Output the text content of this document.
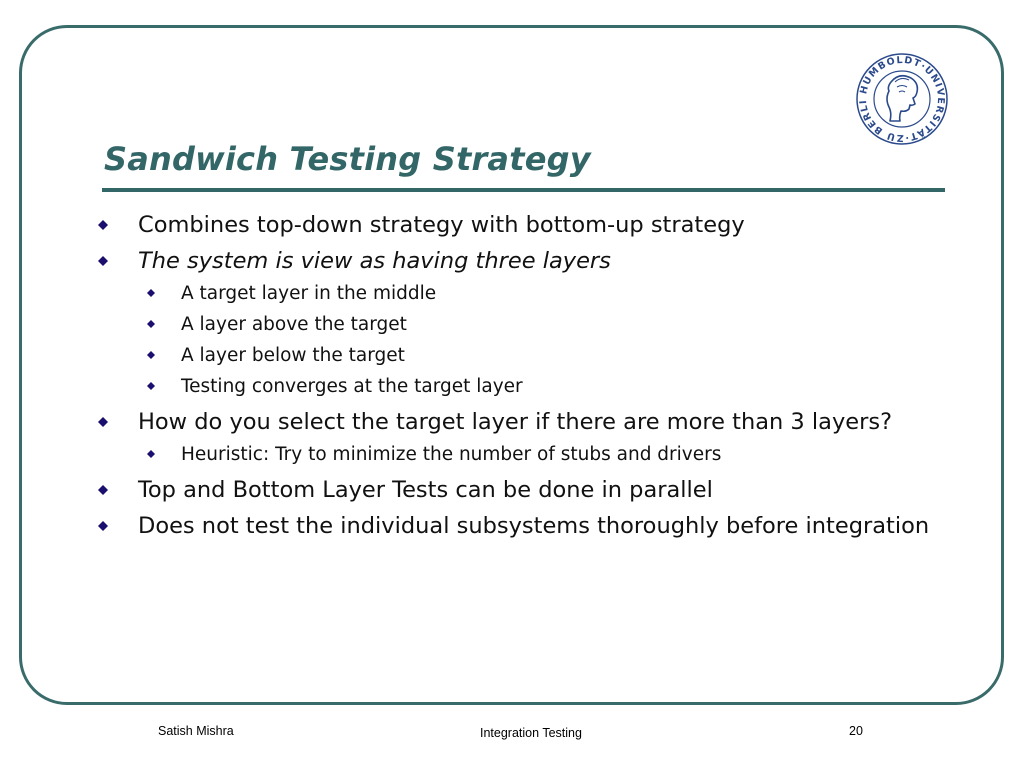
HUMBOLDT·UNIVERSITÄT·ZU BERLI
Sandwich Testing Strategy
Combines top-down strategy with bottom-up strategy
The system is view as having three layers
A target layer in the middle
A layer above the target
A layer below the target
Testing converges at the target layer
How do you select the target layer if there are more than 3 layers?
Heuristic: Try to minimize the number of stubs and drivers
Top and Bottom Layer Tests can be done in parallel
Does not test the individual subsystems thoroughly before integration
Satish Mishra	Integration Testing	20
